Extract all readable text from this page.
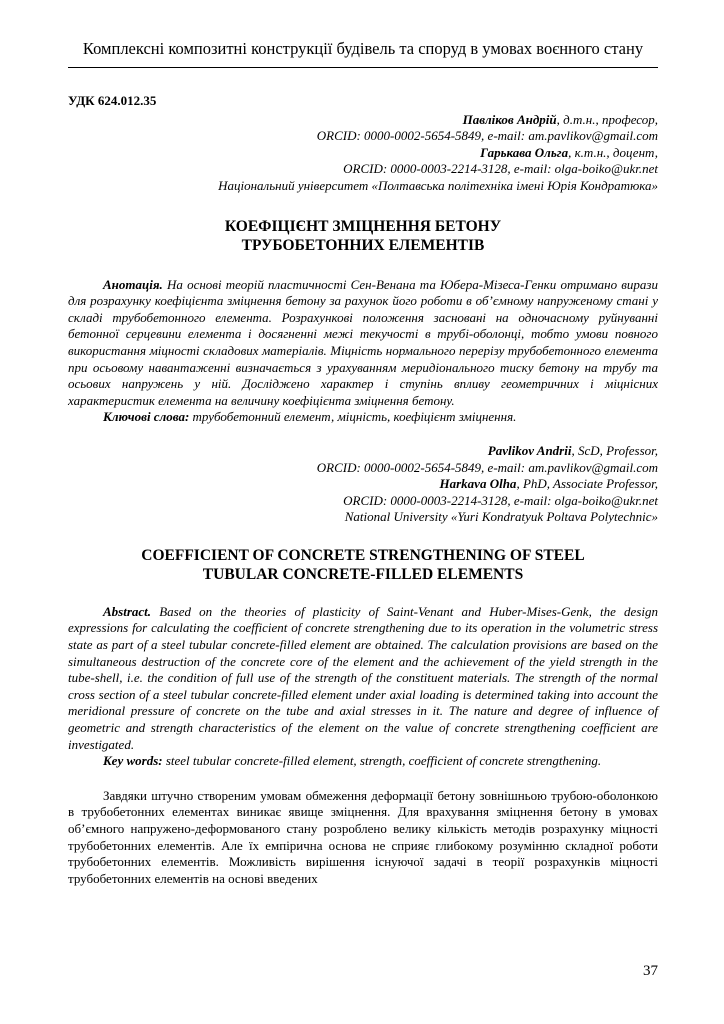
Комплексні композитні конструкції будівель та споруд в умовах воєнного стану

УДК 624.012.35

Павліков Андрій, д.т.н., професор,
ORCID: 0000-0002-5654-5849, e-mail: am.pavlikov@gmail.com
Гарькава Ольга, к.т.н., доцент,
ORCID: 0000-0003-2214-3128, e-mail: olga-boiko@ukr.net
Національний університет «Полтавська політехніка імені Юрія Кондратюка»
КОЕФІЦІЄНТ ЗМІЦНЕННЯ БЕТОНУ
ТРУБОБЕТОННИХ ЕЛЕМЕНТІВ

Анотація. На основі теорій пластичності Сен-Венана та Юбера-Мізеса-Генки отримано вирази для розрахунку коефіцієнта зміцнення бетону за рахунок його роботи в об’ємному напруженому стані у складі трубобетонного елемента. Розрахункові положення засновані на одночасному руйнуванні бетонної серцевини елемента і досягненні межі текучості в трубі-оболонці, тобто умови повного використання міцності складових матеріалів. Міцність нормального перерізу трубобетонного елемента при осьовому навантаженні визначається з урахуванням меридіонального тиску бетону на трубу та осьових напружень у ній. Досліджено характер і ступінь впливу геометричних і міцнісних характеристик елемента на величину коефіцієнта зміцнення бетону.

Ключові слова: трубобетонний елемент, міцність, коефіцієнт зміцнення.

Pavlikov Andrii, ScD, Professor,
ORCID: 0000-0002-5654-5849, e-mail: am.pavlikov@gmail.com
Harkava Olha, PhD, Associate Professor,
ORCID: 0000-0003-2214-3128, e-mail: olga-boiko@ukr.net
National University «Yuri Kondratyuk Poltava Polytechnic»
COEFFICIENT OF CONCRETE STRENGTHENING OF STEEL
TUBULAR CONCRETE-FILLED ELEMENTS

Abstract. Based on the theories of plasticity of Saint-Venant and Huber-Mises-Genk, the design expressions for calculating the coefficient of concrete strengthening due to its operation in the volumetric stress state as part of a steel tubular concrete-filled element are obtained. The calculation provisions are based on the simultaneous destruction of the concrete core of the element and the achievement of the yield strength in the tube-shell, i.e. the condition of full use of the strength of the constituent materials. The strength of the normal cross section of a steel tubular concrete-filled element under axial loading is determined taking into account the meridional pressure of concrete on the tube and axial stresses in it. The nature and degree of influence of geometric and strength characteristics of the element on the value of concrete strengthening coefficient are investigated.

Key words: steel tubular concrete-filled element, strength, coefficient of concrete strengthening.

Завдяки штучно створеним умовам обмеження деформації бетону зовнішньою трубою-оболонкою в трубобетонних елементах виникає явище зміцнення. Для врахування зміцнення бетону в умовах об’ємного напружено-деформованого стану розроблено велику кількість методів розрахунку міцності трубобетонних елементів. Але їх емпірична основа не сприяє глибокому розумінню складної роботи трубобетонних елементів. Можливість вирішення існуючої задачі в теорії розрахунків міцності трубобетонних елементів на основі введених

37
